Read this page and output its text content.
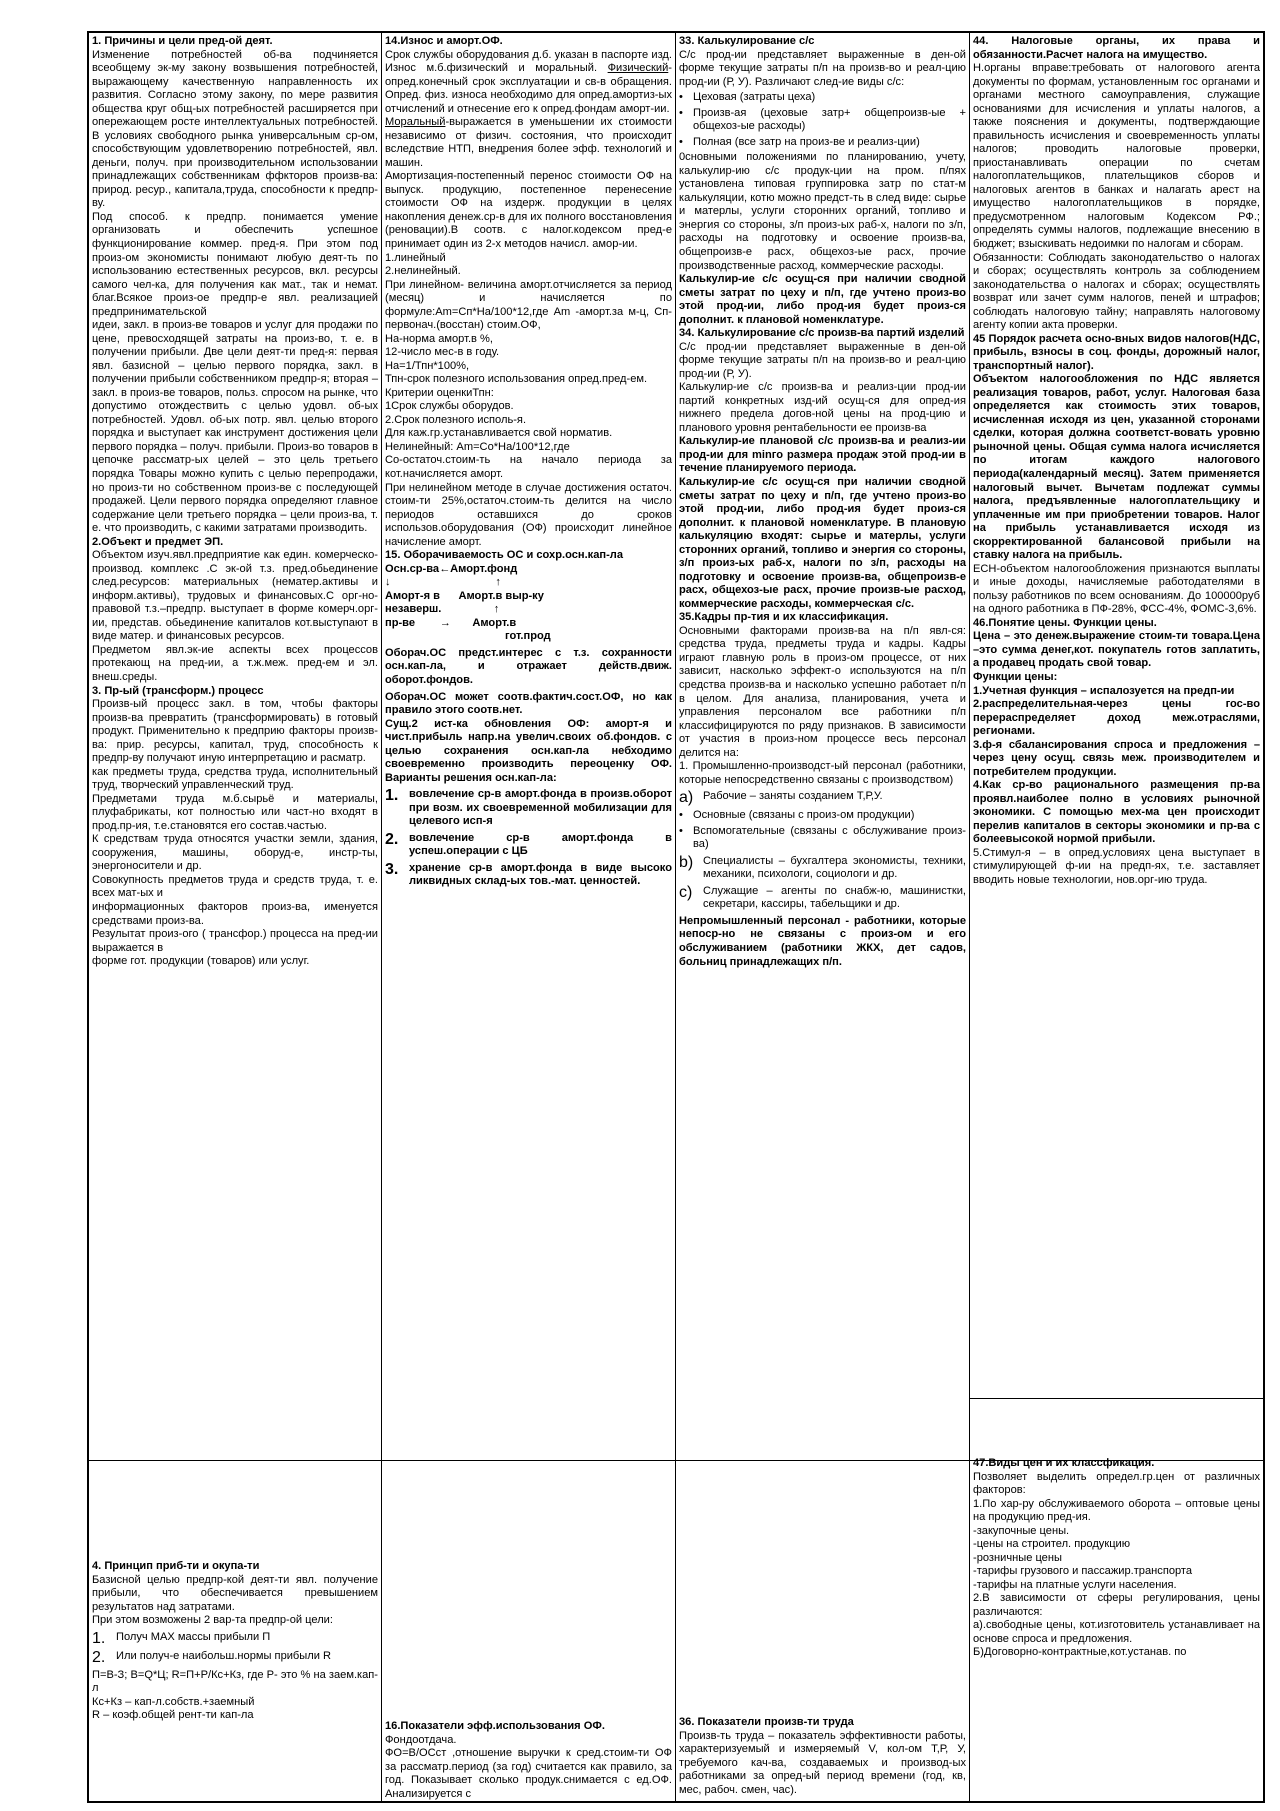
1. Причины и цели пред-ой деят.

Изменение потребностей об-ва подчиняется всеобщему эк-му закону возвышения потребностей, выражающему качественную направленность их развития. Согласно этому закону, по мере развития общества круг общ-ых потребностей расширяется при опережающем росте интеллектуальных потребностей. В условиях свободного рынка универсальным ср-ом, способствующим удовлетворению потребностей, явл. деньги, получ. при производительном использовании принадлежащих собственникам ффкторов произв-ва: природ. ресур., капитала,труда, способности к предпр-ву.

Под способ. к предпр. понимается умение организовать и обеспечить успешное функционирование коммер. пред-я. При этом под произ-ом экономисты понимают любую деят-ть по использованию естественных ресурсов, вкл. ресурсы самого чел-ка, для получения как мат., так и немат. благ.Всякое произ-ое предпр-е явл. реализацией предпринимательской

идеи, закл. в произ-ве товаров и услуг для продажи по цене, превосходящей затраты на произ-во, т. е. в получении прибыли. Две цели деят-ти пред-я: первая явл. базисной – целью первого порядка, закл. в получении прибыли собственником предпр-я; вторая – закл. в произ-ве товаров, польз. спросом на рынке, что допустимо отождествить с целью удовл. об-ых потребностей. Удовл. об-ых потр. явл. целью второго порядка и выступает как инструмент достижения цели первого порядка – получ. прибыли. Произ-во товаров в цепочке рассматр-ых целей – это цель третьего порядка Товары можно купить с целью перепродажи, но произ-ти но собственном произ-ве с последующей продажей. Цели первого порядка определяют главное содержание цели третьего порядка – цели произ-ва, т. е. что производить, с какими затратами производить.

2.Объект и предмет ЭП.

Объектом изуч.явл.предприятие как един. комерческо-производ. комплекс .С эк-ой т.з. пред.обьединение след.ресурсов: материальных (нематер.активы и информ.активы), трудовых и финансовых.С орг-но-правовой т.з.–предпр. выступает в форме комерч.орг-ии, представ. обьединение капиталов кот.выступают в виде матер. и финансовых ресурсов.

Предметом явл.эк-ие аспекты всех процессов протекающ на пред-ии, а т.ж.меж. пред-ем и эл. внеш.среды.

3. Пр-ый (трансформ.) процесс

Произв-ый процесс закл. в том, чтобы факторы произв-ва превратить (трансформировать) в готовый продукт. Применительно к предприю факторы произв-ва: прир. ресурсы, капитал, труд, способность к предпр-ву получают иную интерпретацию и расматр.

как предметы труда, средства труда, исполнительный труд, творческий управленческий труд.

Предметами труда м.б.сырьё и материалы, плуфабрикаты, кот полностью или част-но входят в прод.пр-ия, т.е.становятся его состав.частью.

К средствам труда относятся участки земли, здания, сооружения, машины, оборуд-е, инстр-ты, энергоносители и др.

Совокупность предметов труда и средств труда, т. е. всех мат-ых и

информационных факторов произ-ва, именуется средствами произ-ва.

Резулытат произ-ого ( трансфор.) процесса на пред-ии выражается в

форме гот. продукции (товаров) или услуг.

4. Принцип приб-ти и окупа-ти

Базисной целью предпр-кой деят-ти явл. получение прибыли, что обеспечивается превышением результатов над затратами.

При этом возможены 2 вар-та предпр-ой цели:

1. Получ MAX массы прибыли П
2. Или получ-е наибольш.нормы прибыли R

П=В-З; В=Q*Ц; R=П+Р/Кс+Кз, где Р- это % на заем.кап-л

Кс+Кз – кап-л.собств.+заемный

R – коэф.общей рент-ти кап-ла

14.Износ и аморт.ОФ.

Срок службы оборудования д.б. указан в паспорте изд. Износ м.б.физический и моральный. Физический-опред.конечный срок эксплуатации и св-в обращения. Опред. физ. износа необходимо для опред.амортиз-ых отчислений и отнесение его к опред.фондам аморт-ии.

Моральный-выражается в уменьшении их стоимости независимо от физич. состояния, что происходит вследствие НТП, внедрения более эфф. технологий и машин.

Амортизация-постепенный перенос стоимости ОФ на выпуск. продукцию, постепенное перенесение стоимости ОФ на издерж. продукции в целях накопления денеж.ср-в для их полного восстановления (реновации).В соотв. с налог.кодексом пред-е принимает один из 2-х методов начисл. амор-ии.

1.линейный

2.нелинейный.

При линейном- величина аморт.отчисляется за период (месяц) и начисляется по формуле:Аm=Сп*На/100*12,где Аm -аморт.за м-ц, Сп-первонач.(восстан) стоим.ОФ,

На-норма аморт.в %,

12-число мес-в в году.

На=1/Тпн*100%,

Тпн-срок полезного использования опред.пред-ем.

Критерии оценкиТпн:

1Срок службы оборудов.

2.Срок полезного исполь-я.

Для каж.гр.устанавливается свой норматив.

Нелинейный: Аm=Со*На/100*12,где

Со-остаточ.стоим-ть на начало периода за кот.начисляется аморт.

При нелинейном методе в случае достижения остаточ. стоим-ти 25%,остаточ.стоим-ть делится на число периодов оставшихся до сроков использов.оборудования (ОФ) происходит линейное начисление аморт.

15. Оборачиваемость ОС и сохр.осн.кап-ла

Осн.ср-ва←Аморт.фонд

↓                                  ↑

Аморт-я в      Аморт.в выр-ку

незаверш.                 ↑

пр-ве        →       Аморт.в

гот.прод

Оборач.ОС предст.интерес с т.з. сохранности осн.кап-ла, и отражает действ.движ. оборот.фондов.

Оборач.ОС может соотв.фактич.сост.ОФ, но как правило этого соотв.нет.

Сущ.2 ист-ка обновления ОФ: аморт-я и чист.прибыль напр.на увелич.своих об.фондов. с целью сохранения осн.кап-ла небходимо своевременно производить переоценку ОФ. Варианты решения осн.кап-ла:

1. вовлечение ср-в аморт.фонда в произв.оборот при возм. их своевременной мобилизации для целевого исп-я
2. вовлечение ср-в аморт.фонда в успеш.операции с ЦБ
3. хранение ср-в аморт.фонда в виде высоко ликвидных склад-ых тов.-мат. ценностей.

16.Показатели эфф.использования ОФ.

Фондоотдача.

ФО=В/ОСст ,отношение выручки к сред.стоим-ти ОФ за рассматр.период (за год) считается как правило, за год. Показывает сколько продук.снимается с ед.ОФ. Анализируется с

33. Калькулирование с/с

С/с прод-ии представляет выраженные в ден-ой форме текущие затраты п/п на произв-во и реал-цию прод-ии (Р, У). Различают след-ие виды с/с:

• Цеховая (затраты цеха)
• Произв-ая (цеховые затр+ общепроизв-ые + общехоз-ые расходы)
• Полная (все затр на произ-ве и реализ-ции)

0сновными положениями по планированию, учету, калькулир-ию с/с продук-ции на пром. п/пях установлена типовая группировка затр по стат-м калькуляции, котю можно предст-ть в след виде: сырье и матерлы, услуги сторонних органий, топливо и энергия со стороны, з/п произ-ых раб-х, налоги по з/п, расходы на подготовку и освоение произв-ва, общепроизв-е расх, общехоз-ые расх, прочие производственные расход, коммерческие расходы.

Калькулир-ие с/с осущ-ся при наличии сводной сметы затрат по цеху и п/п, где учтено произ-во этой прод-ии, либо прод-ия будет произ-ся дополнит. к плановой номенклатуре.

34. Калькулирование с/с произв-ва партий изделий

С/с прод-ии представляет выраженные в ден-ой форме текущие затраты п/п на произв-во и реал-цию прод-ии (Р, У).

Калькулир-ие с/с произв-ва и реализ-ции прод-ии партий конкретных изд-ий осущ-ся для опред-ия нижнего предела догов-ной цены на прод-цию и планового уровня рентабельности ее произв-ва

Калькулир-ие плановой с/с произв-ва и реализ-ии прод-ии для minго размера продаж этой прод-ии в течение планируемого периода.

Калькулир-ие с/с осущ-ся при наличии сводной сметы затрат по цеху и п/п, где учтено произ-во этой прод-ии, либо прод-ия будет произ-ся дополнит. к плановой номенклатуре. В плановую калькуляцию входят: сырье и матерлы, услуги сторонних органий, топливо и энергия со стороны, з/п произ-ых раб-х, налоги по з/п, расходы на подготовку и освоение произв-ва, общепроизв-е расх, общехоз-ые расх, прочие произв-ые расход, коммерческие расходы, коммерческая с/с.

35.Кадры пр-тия и их классификация.

Основными факторами произв-ва на п/п явл-ся: средства труда, предметы труда и кадры. Кадры играют главную роль в произ-ом процессе, от них зависит, насколько эффект-о используются на п/п средства произв-ва и насколько успешно работает п/п в целом. Для анализа, планирования, учета и управления персоналом все работники п/п классифицируются по ряду признаков. В зависимости от участия в произ-ном процессе весь персонал делится на:

1. Промышленно-производст-ый персонал (работники, которые непосредственно связаны с производством)

a) Рабочие – заняты созданием Т,Р,У.
• Основные (связаны с произ-ом продукции)
• Вспомогательные (связаны с обслуживание произ-ва)
b) Специалисты – бухгалтера экономисты, техники, механики, психологи, социологи и др.
c) Служащие – агенты по снабж-ю, машинистки, секретари, кассиры, табельщики и др.

Непромышленный персонал - работники, которые непоср-но не связаны с произ-ом и его обслуживанием (работники ЖКХ, дет садов, больниц принадлежащих п/п.

36. Показатели произв-ти труда

Произв-ть труда – показатель эффективности работы, характеризуемый и измеряемый V, кол-ом Т,Р, У, требуемого кач-ва, создаваемых и производ-ых работниками за опред-ый период времени (год, кв, мес, рабоч. смен, час).

44. Налоговые органы, их права и обязанности.Расчет налога на имущество.

Н.органы вправе:требовать от налогового агента документы по формам, установленным гос органами и органами местного самоуправления, служащие основаниями для исчисления и уплаты налогов, а также пояснения и документы, подтверждающие правильность исчисления и своевременность уплаты налогов; проводить налоговые проверки, приостанавливать операции по счетам налогоплательщиков, плательщиков сборов и налоговых агентов в банках и налагать арест на имущество налогоплательщиков в порядке, предусмотренном налоговым Кодексом РФ.; определять суммы налогов, подлежащие внесению в бюджет; взыскивать недоимки по налогам и сборам.

Обязанности: Соблюдать законодательство о налогах и сборах; осуществлять контроль за соблюдением законодательства о налогах и сборах; осуществлять возврат или зачет сумм налогов, пеней и штрафов; соблюдать налоговую тайну; направлять налоговому агенту копии акта проверки.

45 Порядок расчета осно-вных видов налогов(НДС, прибыль, взносы в соц. фонды, дорожный налог, транспортный налог).

Объектом налогообложения по НДС является реализация товаров, работ, услуг. Налоговая база определяется как стоимость этих товаров, исчисленная исходя из цен, указанной сторонами сделки, которая должна соответст-вовать уровню рыночной цены. Общая сумма налога исчисляется по итогам каждого налогового периода(календарный месяц). Затем применяется налоговый вычет. Вычетам подлежат суммы налога, предъявленные налогоплательщику и уплаченные им при приобретении товаров. Налог на прибыль устанавливается исходя из скорректированной балансовой прибыли на ставку налога на прибыль.

ЕСН-объектом налогообложения признаются выплаты и иные доходы, начисляемые работодателями в пользу работников по всем основаниям. До 100000руб на одного работника в ПФ-28%, ФСС-4%, ФОМС-3,6%.

46.Понятие цены. Функции цены.

Цена – это денеж.выражение стоим-ти товара.Цена –это сумма денег,кот. покупатель готов заплатить, а продавец продать свой товар.

Функции цены:

1.Учетная функция – испалозуется на предп-ии

2.распределительная-через цены гос-во перераспределяет доход меж.отраслями, регионами.

3.ф-я сбалансирования спроса и предложения – через цену осущ. связь меж. производителем и потребителем продукции.

4.Как ср-во рационального размещения пр-ва проявл.наиболее полно в условиях рыночной экономики. С помощью мех-ма цен происходит перелив капиталов в секторы экономики и пр-ва с болеевысокой нормой прибыли.

5.Стимул-я – в опред.условиях цена выступает в стимулирующей ф-ии на предп-ях, т.е. заставляет вводить новые технологии, нов.орг-ию труда.

47.Виды цен и их классфикация.

Позволяет выделить определ.гр.цен от различных факторов:

1.По хар-ру обслуживаемого оборота – оптовые цены на продукцию пред-ия.

-закупочные цены.

-цены на строител. продукцию

-розничные цены

-тарифы грузового и пассажир.транспорта

-тарифы на платные услуги населения.

2.В зависимости от сферы регулирования, цены различаются:

а).свободные цены, кот.изготовитель устанавливает на основе спроса и предложения.

Б)Договорно-контрактные,кот.устанав. по
